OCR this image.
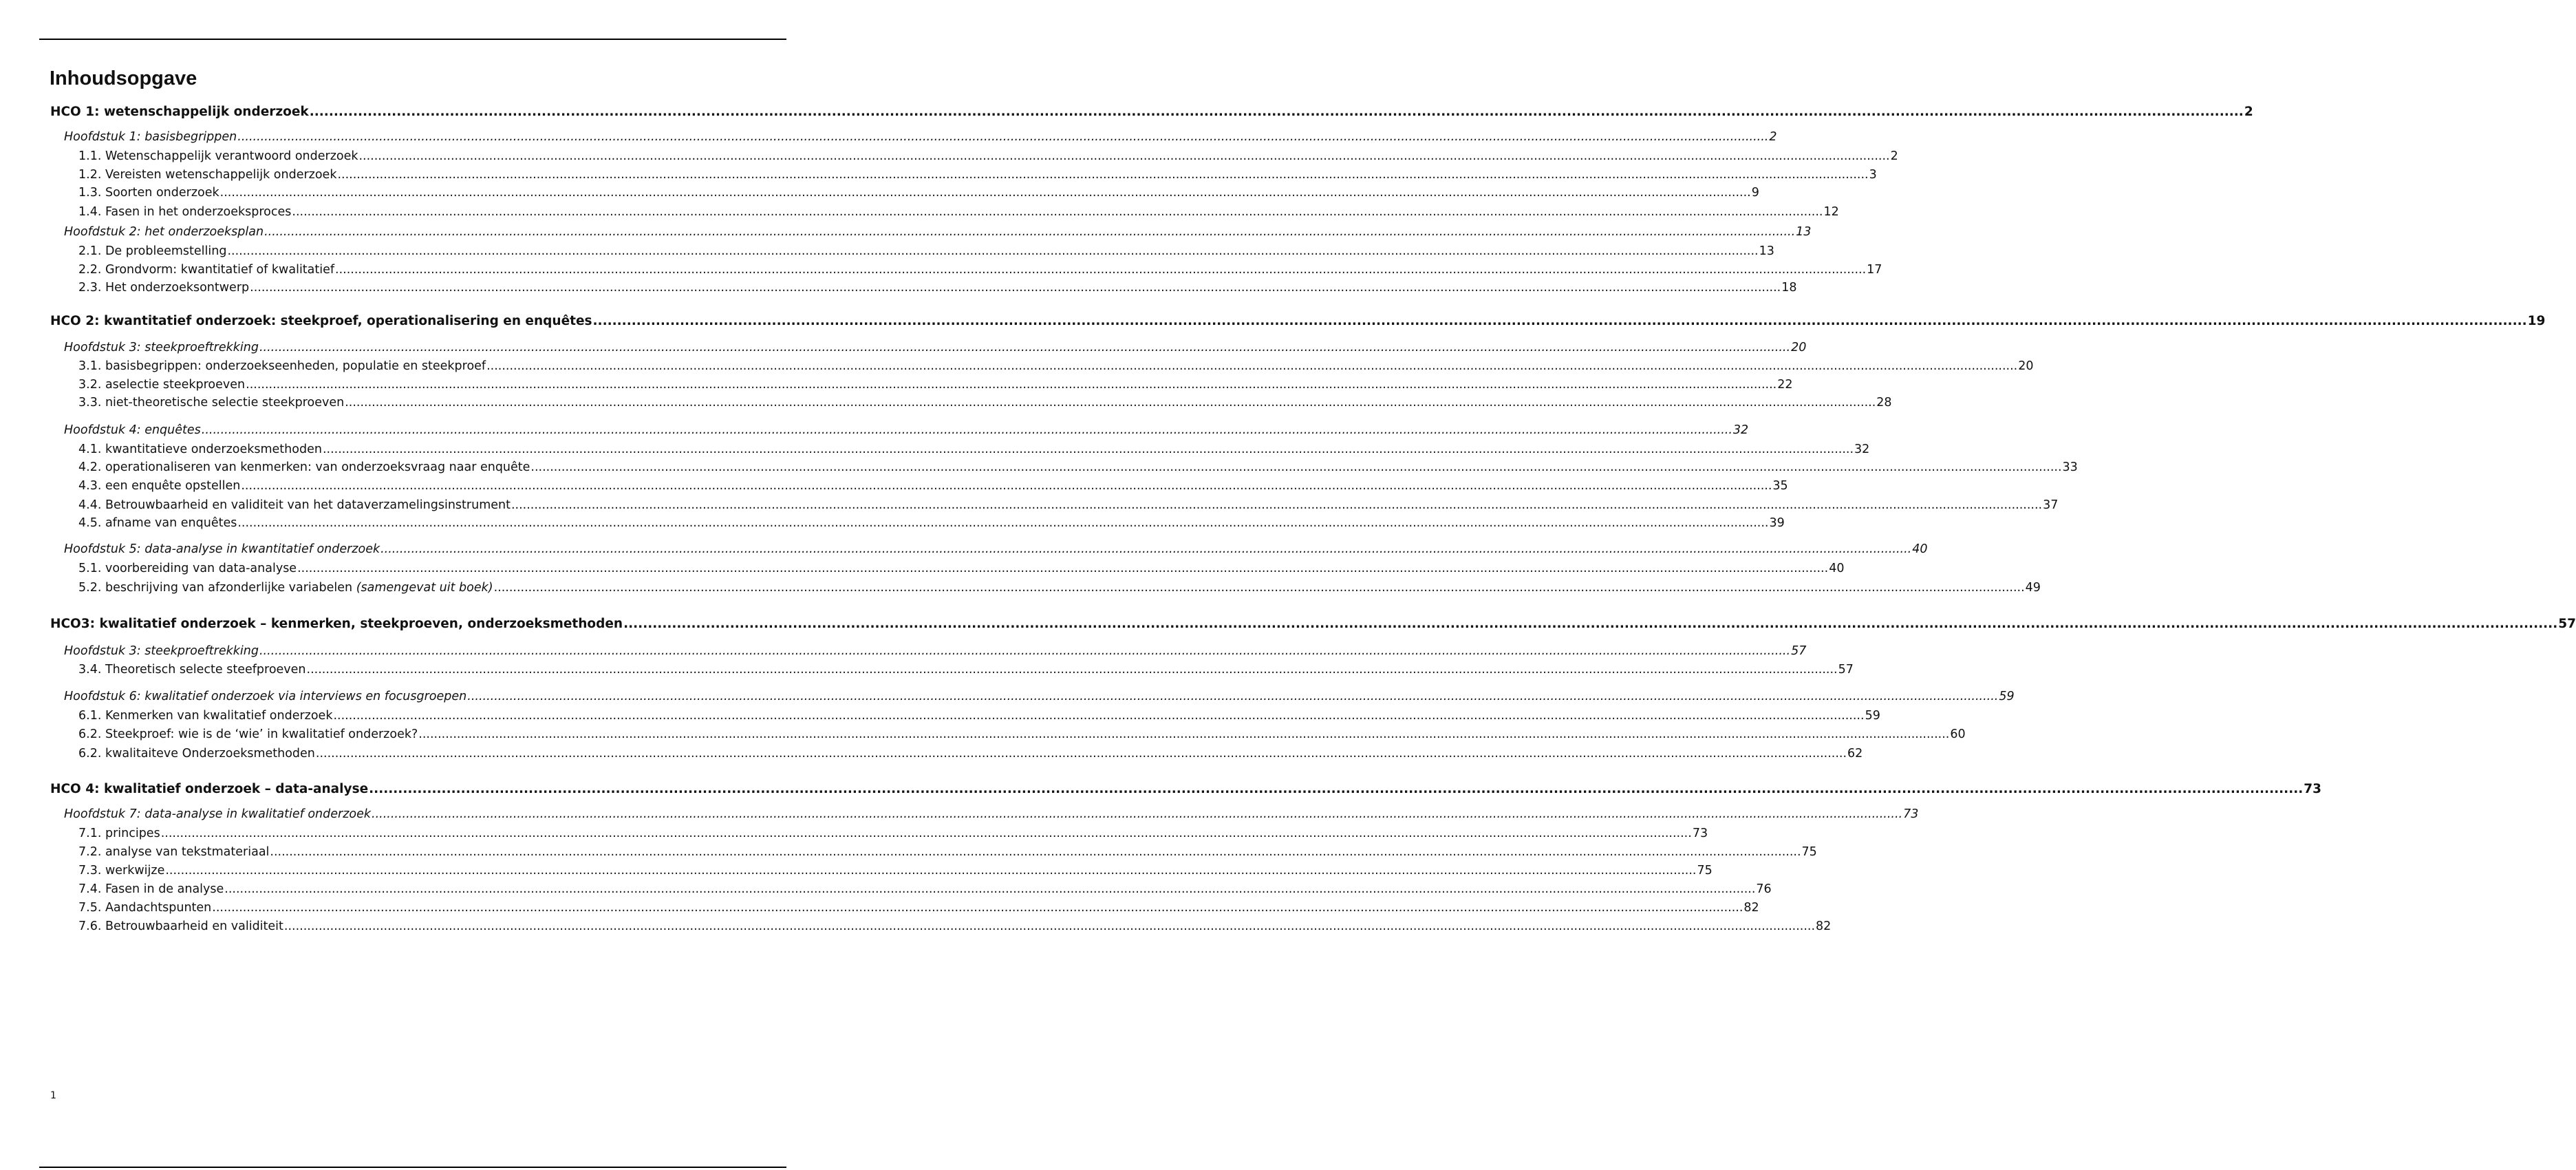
Inhoudsopgave
HCO 1: wetenschappelijk onderzoek ................................................................................................................................................................................................................................................................................................................................................................................................................ 2
Hoofdstuk 1: basisbegrippen ................................................................................................................................................................................................................................................................................................................................................................................................................ 2
1.1. Wetenschappelijk verantwoord onderzoek ................................................................................................................................................................................................................................................................................................................................................................................................................ 2
1.2. Vereisten wetenschappelijk onderzoek ................................................................................................................................................................................................................................................................................................................................................................................................................ 3
1.3. Soorten onderzoek ................................................................................................................................................................................................................................................................................................................................................................................................................ 9
1.4. Fasen in het onderzoeksproces ................................................................................................................................................................................................................................................................................................................................................................................................................ 12
Hoofdstuk 2: het onderzoeksplan ................................................................................................................................................................................................................................................................................................................................................................................................................ 13
2.1. De probleemstelling ................................................................................................................................................................................................................................................................................................................................................................................................................ 13
2.2. Grondvorm: kwantitatief of kwalitatief ................................................................................................................................................................................................................................................................................................................................................................................................................ 17
2.3. Het onderzoeksontwerp ................................................................................................................................................................................................................................................................................................................................................................................................................ 18
HCO 2: kwantitatief onderzoek: steekproef, operationalisering en enquêtes ................................................................................................................................................................................................................................................................................................................................................................................................................ 19
Hoofdstuk 3: steekproeftrekking ................................................................................................................................................................................................................................................................................................................................................................................................................ 20
3.1. basisbegrippen: onderzoekseenheden, populatie en steekproef ................................................................................................................................................................................................................................................................................................................................................................................................................ 20
3.2. aselectie steekproeven ................................................................................................................................................................................................................................................................................................................................................................................................................ 22
3.3. niet-theoretische selectie steekproeven ................................................................................................................................................................................................................................................................................................................................................................................................................ 28
Hoofdstuk 4: enquêtes ................................................................................................................................................................................................................................................................................................................................................................................................................ 32
4.1. kwantitatieve onderzoeksmethoden ................................................................................................................................................................................................................................................................................................................................................................................................................ 32
4.2. operationaliseren van kenmerken: van onderzoeksvraag naar enquête ................................................................................................................................................................................................................................................................................................................................................................................................................ 33
4.3. een enquête opstellen ................................................................................................................................................................................................................................................................................................................................................................................................................ 35
4.4. Betrouwbaarheid en validiteit van het dataverzamelingsinstrument ................................................................................................................................................................................................................................................................................................................................................................................................................ 37
4.5. afname van enquêtes ................................................................................................................................................................................................................................................................................................................................................................................................................ 39
Hoofdstuk 5: data-analyse in kwantitatief onderzoek ................................................................................................................................................................................................................................................................................................................................................................................................................ 40
5.1. voorbereiding van data-analyse ................................................................................................................................................................................................................................................................................................................................................................................................................ 40
5.2. beschrijving van afzonderlijke variabelen (samengevat uit boek) ................................................................................................................................................................................................................................................................................................................................................................................................................ 49
HCO3: kwalitatief onderzoek – kenmerken, steekproeven, onderzoeksmethoden ................................................................................................................................................................................................................................................................................................................................................................................................................ 57
Hoofdstuk 3: steekproeftrekking ................................................................................................................................................................................................................................................................................................................................................................................................................ 57
3.4. Theoretisch selecte steefproeven ................................................................................................................................................................................................................................................................................................................................................................................................................ 57
Hoofdstuk 6: kwalitatief onderzoek via interviews en focusgroepen ................................................................................................................................................................................................................................................................................................................................................................................................................ 59
6.1. Kenmerken van kwalitatief onderzoek ................................................................................................................................................................................................................................................................................................................................................................................................................ 59
6.2. Steekproef: wie is de ‘wie’ in kwalitatief onderzoek? ................................................................................................................................................................................................................................................................................................................................................................................................................ 60
6.2. kwalitaiteve Onderzoeksmethoden ................................................................................................................................................................................................................................................................................................................................................................................................................ 62
HCO 4: kwalitatief onderzoek – data-analyse ................................................................................................................................................................................................................................................................................................................................................................................................................ 73
Hoofdstuk 7: data-analyse in kwalitatief onderzoek ................................................................................................................................................................................................................................................................................................................................................................................................................ 73
7.1. principes ................................................................................................................................................................................................................................................................................................................................................................................................................ 73
7.2. analyse van tekstmateriaal ................................................................................................................................................................................................................................................................................................................................................................................................................ 75
7.3. werkwijze ................................................................................................................................................................................................................................................................................................................................................................................................................ 75
7.4. Fasen in de analyse ................................................................................................................................................................................................................................................................................................................................................................................................................ 76
7.5. Aandachtspunten ................................................................................................................................................................................................................................................................................................................................................................................................................ 82
7.6. Betrouwbaarheid en validiteit ................................................................................................................................................................................................................................................................................................................................................................................................................ 82
1
